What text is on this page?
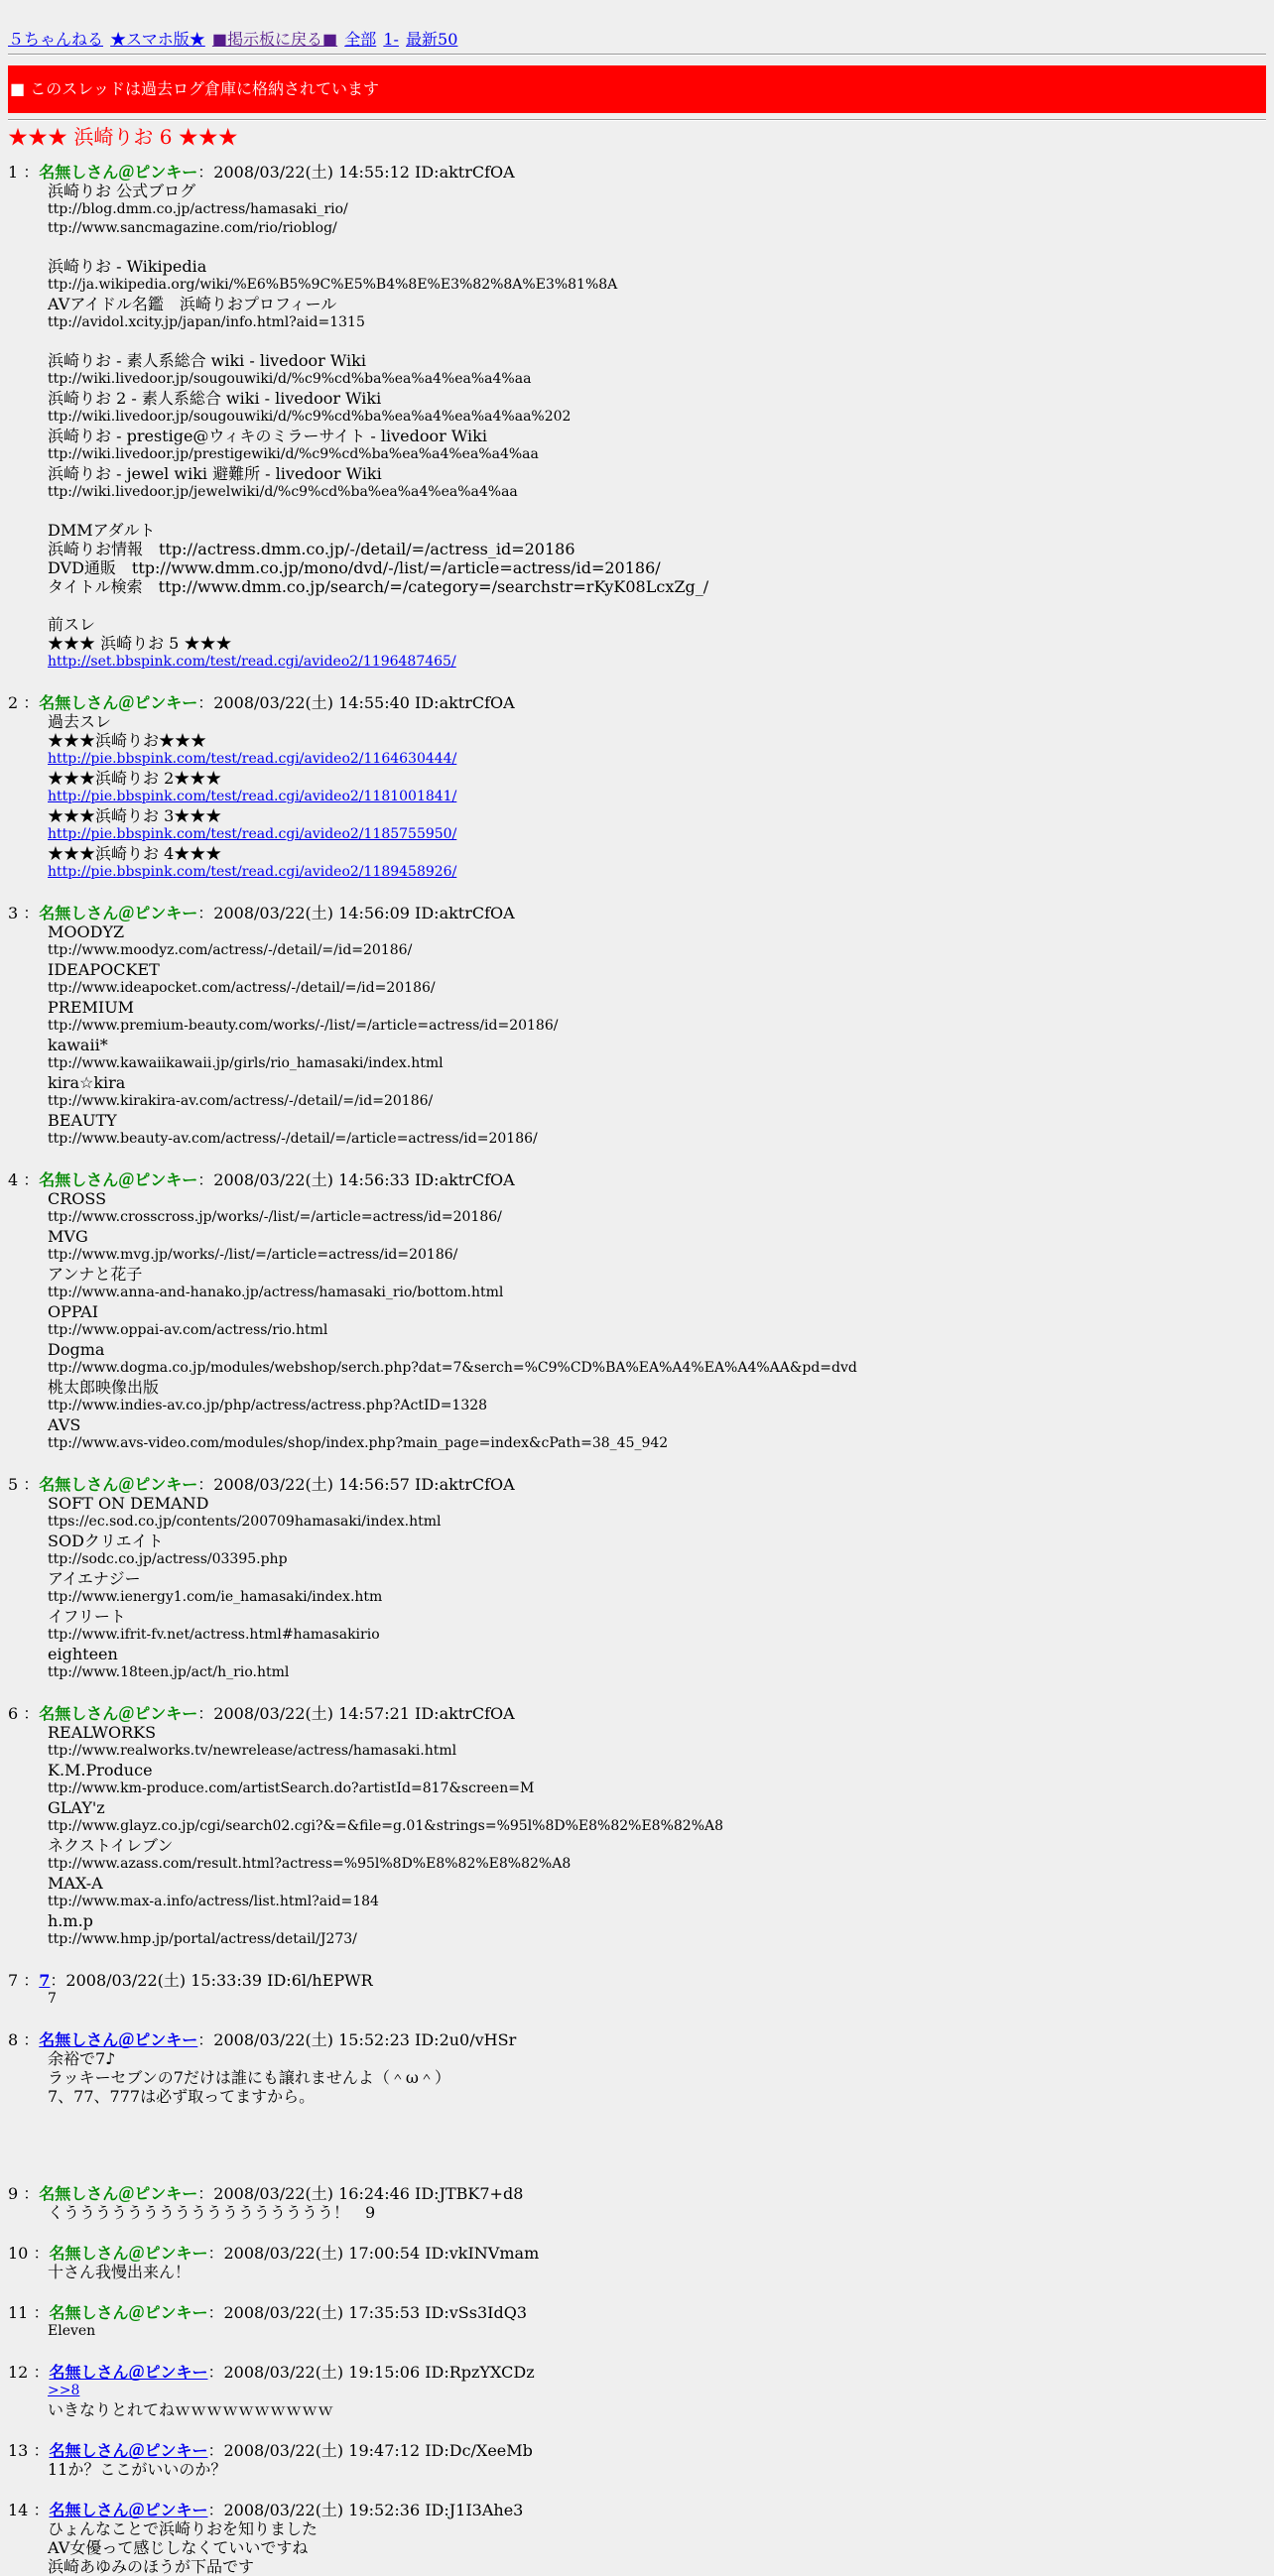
５ちゃんねる ★スマホ版★ ■掲示板に戻る■ 全部 1- 最新50
■ このスレッドは過去ログ倉庫に格納されています
★★★ 浜崎りお 6 ★★★
1 ：名無しさん＠ピンキー：2008/03/22(土) 14:55:12 ID:aktrCfOA
浜崎りお 公式ブログ
ttp://blog.dmm.co.jp/actress/hamasaki_rio/
ttp://www.sancmagazine.com/rio/rioblog/
浜崎りお - Wikipedia
ttp://ja.wikipedia.org/wiki/%E6%B5%9C%E5%B4%8E%E3%82%8A%E3%81%8A
AVアイドル名鑑　浜崎りおプロフィール
ttp://avidol.xcity.jp/japan/info.html?aid=1315
浜崎りお - 素人系総合 wiki - livedoor Wiki
ttp://wiki.livedoor.jp/sougouwiki/d/%c9%cd%ba%ea%a4%ea%a4%aa
浜崎りお 2 - 素人系総合 wiki - livedoor Wiki
ttp://wiki.livedoor.jp/sougouwiki/d/%c9%cd%ba%ea%a4%ea%a4%aa%202
浜崎りお - prestige@ウィキのミラーサイト - livedoor Wiki
ttp://wiki.livedoor.jp/prestigewiki/d/%c9%cd%ba%ea%a4%ea%a4%aa
浜崎りお - jewel wiki 避難所 - livedoor Wiki
ttp://wiki.livedoor.jp/jewelwiki/d/%c9%cd%ba%ea%a4%ea%a4%aa
DMMアダルト
浜崎りお情報　ttp://actress.dmm.co.jp/-/detail/=/actress_id=20186
DVD通販　ttp://www.dmm.co.jp/mono/dvd/-/list/=/article=actress/id=20186/
タイトル検索　ttp://www.dmm.co.jp/search/=/category=/searchstr=rKyK08LcxZg_/
前スレ
★★★ 浜崎りお 5 ★★★
http://set.bbspink.com/test/read.cgi/avideo2/1196487465/
2 ：名無しさん＠ピンキー：2008/03/22(土) 14:55:40 ID:aktrCfOA
過去スレ
★★★浜崎りお★★★
http://pie.bbspink.com/test/read.cgi/avideo2/1164630444/
★★★浜崎りお 2★★★
http://pie.bbspink.com/test/read.cgi/avideo2/1181001841/
★★★浜崎りお 3★★★
http://pie.bbspink.com/test/read.cgi/avideo2/1185755950/
★★★浜崎りお 4★★★
http://pie.bbspink.com/test/read.cgi/avideo2/1189458926/
3 ：名無しさん＠ピンキー：2008/03/22(土) 14:56:09 ID:aktrCfOA
MOODYZ
ttp://www.moodyz.com/actress/-/detail/=/id=20186/
IDEAPOCKET
ttp://www.ideapocket.com/actress/-/detail/=/id=20186/
PREMIUM
ttp://www.premium-beauty.com/works/-/list/=/article=actress/id=20186/
kawaii*
ttp://www.kawaiikawaii.jp/girls/rio_hamasaki/index.html
kira☆kira
ttp://www.kirakira-av.com/actress/-/detail/=/id=20186/
BEAUTY
ttp://www.beauty-av.com/actress/-/detail/=/article=actress/id=20186/
4 ：名無しさん＠ピンキー：2008/03/22(土) 14:56:33 ID:aktrCfOA
CROSS
ttp://www.crosscross.jp/works/-/list/=/article=actress/id=20186/
MVG
ttp://www.mvg.jp/works/-/list/=/article=actress/id=20186/
アンナと花子
ttp://www.anna-and-hanako.jp/actress/hamasaki_rio/bottom.html
OPPAI
ttp://www.oppai-av.com/actress/rio.html
Dogma
ttp://www.dogma.co.jp/modules/webshop/serch.php?dat=7&serch=%C9%CD%BA%EA%A4%EA%A4%AA&pd=dvd
桃太郎映像出版
ttp://www.indies-av.co.jp/php/actress/actress.php?ActID=1328
AVS
ttp://www.avs-video.com/modules/shop/index.php?main_page=index&cPath=38_45_942
5 ：名無しさん＠ピンキー：2008/03/22(土) 14:56:57 ID:aktrCfOA
SOFT ON DEMAND
ttps://ec.sod.co.jp/contents/200709hamasaki/index.html
SODクリエイト
ttp://sodc.co.jp/actress/03395.php
アイエナジー
ttp://www.ienergy1.com/ie_hamasaki/index.htm
イフリート
ttp://www.ifrit-fv.net/actress.html#hamasakirio
eighteen
ttp://www.18teen.jp/act/h_rio.html
6 ：名無しさん＠ピンキー：2008/03/22(土) 14:57:21 ID:aktrCfOA
REALWORKS
ttp://www.realworks.tv/newrelease/actress/hamasaki.html
K.M.Produce
ttp://www.km-produce.com/artistSearch.do?artistId=817&screen=M
GLAY'z
ttp://www.glayz.co.jp/cgi/search02.cgi?&=&file=g.01&strings=%95l%8D%E8%82%E8%82%A8
ネクストイレブン
ttp://www.azass.com/result.html?actress=%95l%8D%E8%82%E8%82%A8
MAX-A
ttp://www.max-a.info/actress/list.html?aid=184
h.m.p
ttp://www.hmp.jp/portal/actress/detail/J273/
7 ：7：2008/03/22(土) 15:33:39 ID:6l/hEPWR
7
8 ：名無しさん＠ピンキー：2008/03/22(土) 15:52:23 ID:2u0/vHSr
余裕で7♪
ラッキーセブンの7だけは誰にも譲れませんよ（＾ω＾）
7、77、777は必ず取ってますから。
9 ：名無しさん＠ピンキー：2008/03/22(土) 16:24:46 ID:JTBK7+d8
くううううううううううううううううう！　9
10 ：名無しさん＠ピンキー：2008/03/22(土) 17:00:54 ID:vkINVmam
十さん我慢出来ん！
11 ：名無しさん＠ピンキー：2008/03/22(土) 17:35:53 ID:vSs3IdQ3
Eleven
12 ：名無しさん＠ピンキー：2008/03/22(土) 19:15:06 ID:RpzYXCDz
>>8
いきなりとれてねｗｗｗｗｗｗｗｗｗｗ
13 ：名無しさん＠ピンキー：2008/03/22(土) 19:47:12 ID:Dc/XeeMb
11か？ここがいいのか？
14 ：名無しさん＠ピンキー：2008/03/22(土) 19:52:36 ID:J1I3Ahe3
ひょんなことで浜崎りおを知りました
AV女優って感じしなくていいですね
浜崎あゆみのほうが下品です
